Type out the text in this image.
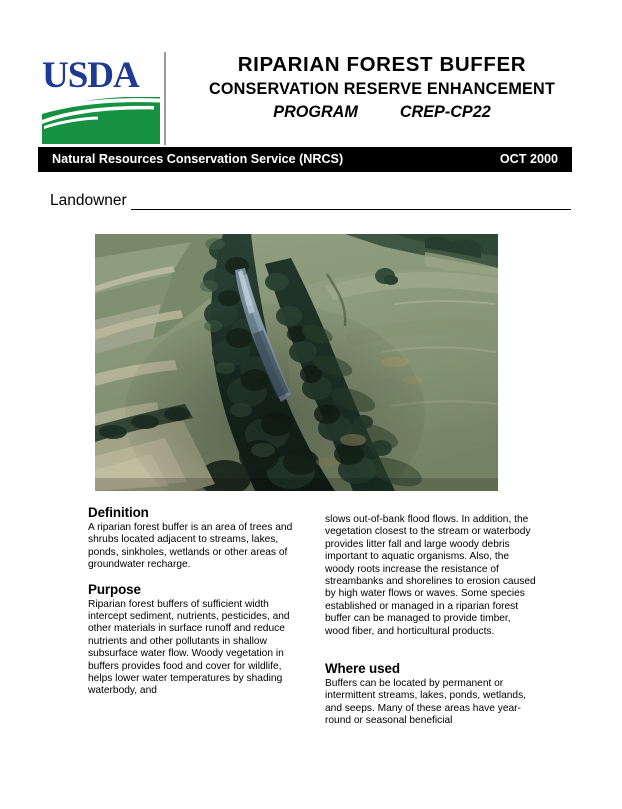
USDA	RIPARIAN FOREST BUFFER
CONSERVATION RESERVE ENHANCEMENT
PROGRAM	CREP-CP22
Natural Resources Conservation Service (NRCS)	OCT 2000
Landowner
Definition

A riparian forest buffer is an area of trees and shrubs located adjacent to streams, lakes, ponds, sinkholes, wetlands or other areas of groundwater recharge.

Purpose

Riparian forest buffers of sufficient width intercept sediment, nutrients, pesticides, and other materials in surface runoff and reduce nutrients and other pollutants in shallow subsurface water flow. Woody vegetation in buffers provides food and cover for wildlife, helps lower water temperatures by shading waterbody, and

slows out-of-bank flood flows. In addition, the vegetation closest to the stream or waterbody provides litter fall and large woody debris important to aquatic organisms. Also, the woody roots increase the resistance of streambanks and shorelines to erosion caused by high water flows or waves. Some species established or managed in a riparian forest buffer can be managed to provide timber, wood fiber, and horticultural products.

Where used

Buffers can be located by permanent or intermittent streams, lakes, ponds, wetlands, and seeps. Many of these areas have year-round or seasonal beneficial
